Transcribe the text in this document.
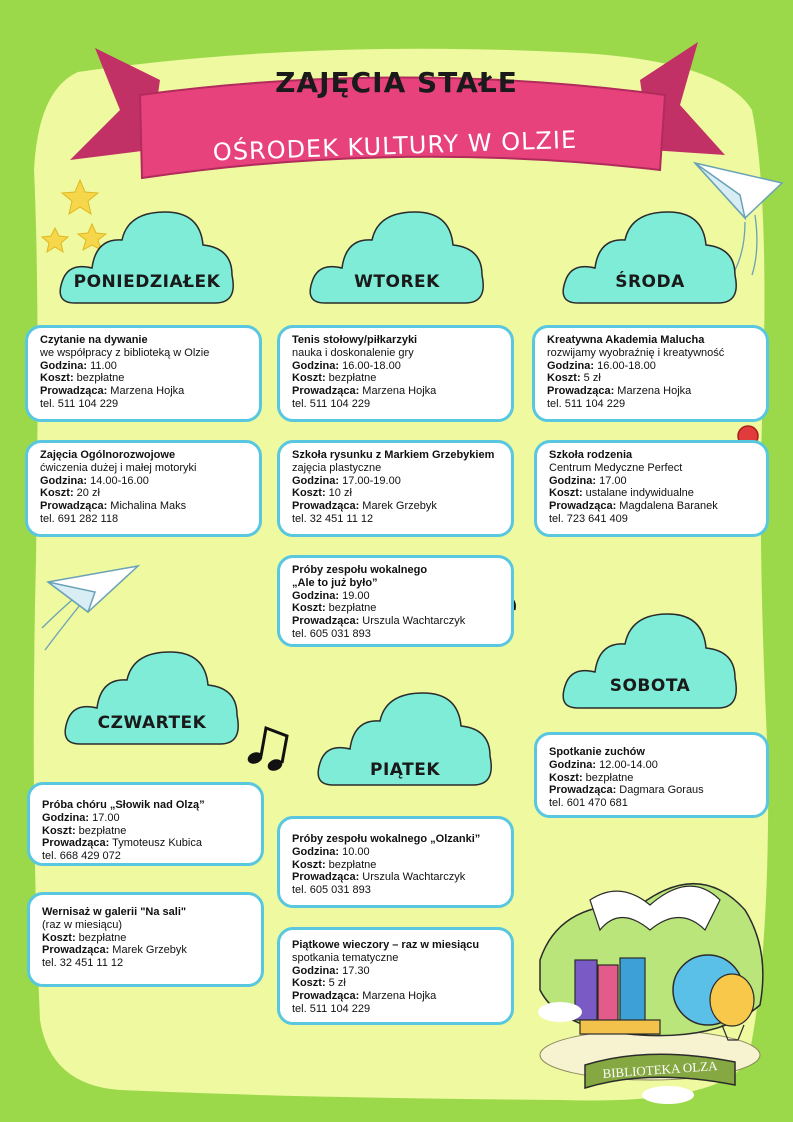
ZAJĘCIA STAŁE
OŚRODEK KULTURY W OLZIE
PONIEDZIAŁEK	WTOREK	ŚRODA
CZWARTEK
PIĄTEK
SOBOTA
Czytanie na dywanie
we współpracy z biblioteką w Olzie
Godzina: 11.00
Koszt: bezpłatne
Prowadząca: Marzena Hojka
tel. 511 104 229
Zajęcia Ogólnorozwojowe
ćwiczenia dużej i małej motoryki
Godzina: 14.00-16.00
Koszt: 20 zł
Prowadząca: Michalina Maks
tel. 691 282 118
Tenis stołowy/piłkarzyki
nauka i doskonalenie gry
Godzina: 16.00-18.00
Koszt: bezpłatne
Prowadząca: Marzena Hojka
tel. 511 104 229
Szkoła rysunku z Markiem Grzebykiem
zajęcia plastyczne
Godzina: 17.00-19.00
Koszt: 10 zł
Prowadząca: Marek Grzebyk
tel. 32 451 11 12
Próby zespołu wokalnego
„Ale to już było”
Godzina: 19.00
Koszt: bezpłatne
Prowadząca: Urszula Wachtarczyk
tel. 605 031 893
Kreatywna Akademia Malucha
rozwijamy wyobraźnię i kreatywność
Godzina: 16.00-18.00
Koszt: 5 zł
Prowadząca: Marzena Hojka
tel. 511 104 229
Szkoła rodzenia
Centrum Medyczne Perfect
Godzina: 17.00
Koszt: ustalane indywidualne
Prowadząca: Magdalena Baranek
tel. 723 641 409
Próba chóru „Słowik nad Olzą”
Godzina: 17.00
Koszt: bezpłatne
Prowadząca: Tymoteusz Kubica
tel. 668 429 072
Wernisaż w galerii "Na sali"
(raz w miesiącu)
Koszt: bezpłatne
Prowadząca: Marek Grzebyk
tel. 32 451 11 12
Próby zespołu wokalnego „Olzanki”
Godzina: 10.00
Koszt: bezpłatne
Prowadząca: Urszula Wachtarczyk
tel. 605 031 893
Piątkowe wieczory – raz w miesiącu
spotkania tematyczne
Godzina: 17.30
Koszt: 5 zł
Prowadząca: Marzena Hojka
tel. 511 104 229
Spotkanie zuchów
Godzina: 12.00-14.00
Koszt: bezpłatne
Prowadząca: Dagmara Goraus
tel. 601 470 681
BIBLIOTEKA OLZA
